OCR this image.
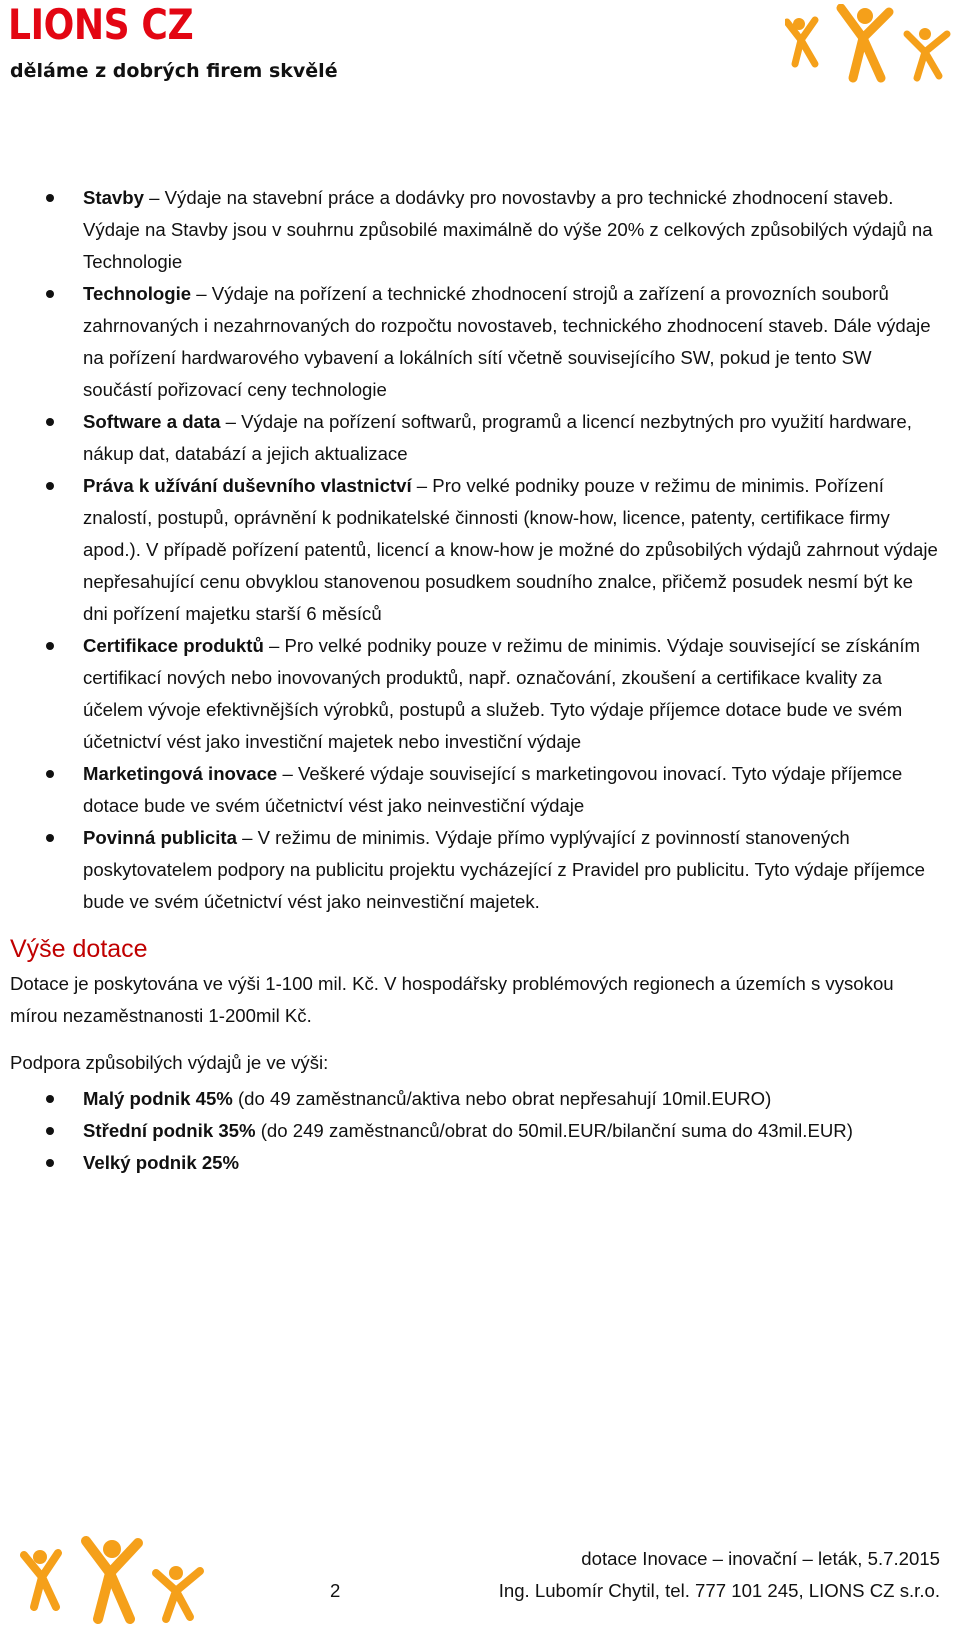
LIONS CZ
děláme z dobrých firem skvělé
Stavby – Výdaje na stavební práce a dodávky pro novostavby a pro technické zhodnocení staveb. Výdaje na Stavby jsou v souhrnu způsobilé maximálně do výše 20% z celkových způsobilých výdajů na Technologie
Technologie – Výdaje na pořízení a technické zhodnocení strojů a zařízení a provozních souborů zahrnovaných i nezahrnovaných do rozpočtu novostaveb, technického zhodnocení staveb. Dále výdaje na pořízení hardwarového vybavení a lokálních sítí včetně souvisejícího SW, pokud je tento SW součástí pořizovací ceny technologie
Software a data – Výdaje na pořízení softwarů, programů a licencí nezbytných pro využití hardware, nákup dat, databází a jejich aktualizace
Práva k užívání duševního vlastnictví – Pro velké podniky pouze v režimu de minimis. Pořízení znalostí, postupů, oprávnění k podnikatelské činnosti (know-how, licence, patenty, certifikace firmy apod.). V případě pořízení patentů, licencí a know-how je možné do způsobilých výdajů zahrnout výdaje nepřesahující cenu obvyklou stanovenou posudkem soudního znalce, přičemž posudek nesmí být ke dni pořízení majetku starší 6 měsíců
Certifikace produktů – Pro velké podniky pouze v režimu de minimis. Výdaje související se získáním certifikací nových nebo inovovaných produktů, např. označování, zkoušení a certifikace kvality za účelem vývoje efektivnějších výrobků, postupů a služeb. Tyto výdaje příjemce dotace bude ve svém účetnictví vést jako investiční majetek nebo investiční výdaje
Marketingová inovace – Veškeré výdaje související s marketingovou inovací. Tyto výdaje příjemce dotace bude ve svém účetnictví vést jako neinvestiční výdaje
Povinná publicita – V režimu de minimis. Výdaje přímo vyplývající z povinností stanovených poskytovatelem podpory na publicitu projektu vycházející z Pravidel pro publicitu. Tyto výdaje příjemce bude ve svém účetnictví vést jako neinvestiční majetek.
Výše dotace
Dotace je poskytována ve výši 1-100 mil. Kč. V hospodářsky problémových regionech a územích s vysokou mírou nezaměstnanosti 1-200mil Kč.
Podpora způsobilých výdajů je ve výši:
Malý podnik 45% (do 49 zaměstnanců/aktiva nebo obrat nepřesahují 10mil.EURO)
Střední podnik 35% (do 249 zaměstnanců/obrat do 50mil.EUR/bilanční suma do 43mil.EUR)
Velký podnik 25%
dotace Inovace – inovační – leták, 5.7.2015
2	Ing. Lubomír Chytil, tel. 777 101 245, LIONS CZ s.r.o.
